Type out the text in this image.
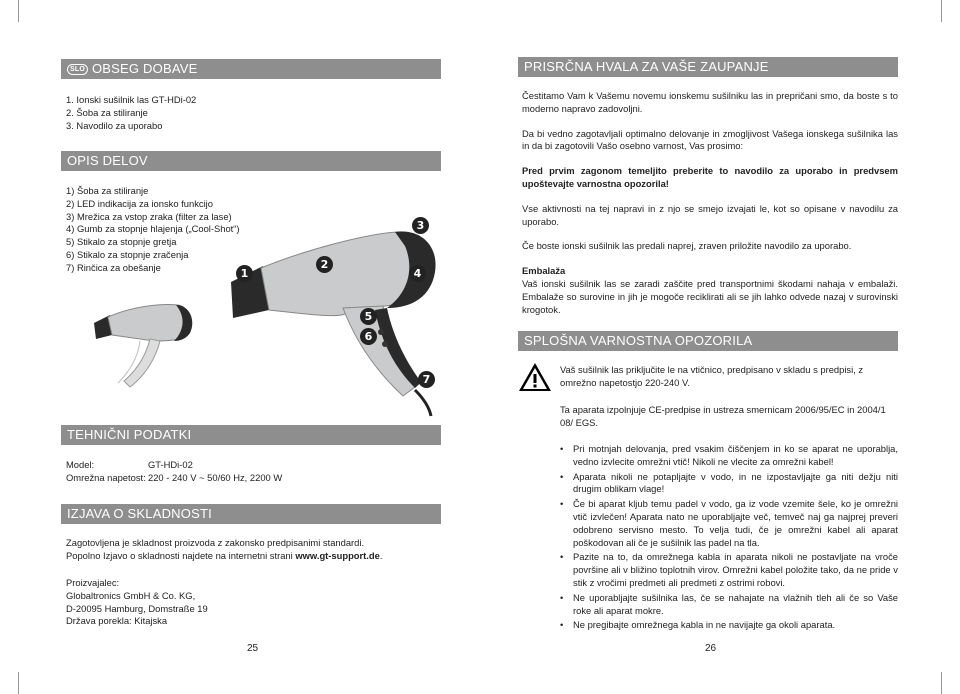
SLO OBSEG DOBAVE
1. Ionski sušilnik las GT-HDi-02
2. Šoba za stiliranje
3. Navodilo za uporabo
OPIS DELOV
1) Šoba za stiliranje
2) LED indikacija za ionsko funkcijo
3) Mrežica za vstop zraka (filter za lase)
4) Gumb za stopnje hlajenja („Cool-Shot“)
5) Stikalo za stopnje gretja
6) Stikalo za stopnje zračenja
7) Rinčica za obešanje	1
2
3
4
5
6
7
TEHNIČNI PODATKI
Model:	GT-HDi-02
Omrežna napetost: 220 - 240 V ~ 50/60 Hz, 2200 W
IZJAVA O SKLADNOSTI
Zagotovljena je skladnost proizvoda z zakonsko predpisanimi standardi.
Popolno Izjavo o skladnosti najdete na internetni strani www.gt-support.de.
Proizvajalec:
Globaltronics GmbH & Co. KG,
D-20095 Hamburg, Domstraße 19
Država porekla: Kitajska
25
PRISRČNA HVALA ZA VAŠE ZAUPANJE
Čestitamo Vam k Vašemu novemu ionskemu sušilniku las in prepričani smo, da boste s to moderno napravo zadovoljni.
Da bi vedno zagotavljali optimalno delovanje in zmogljivost Vašega ionskega sušilnika las in da bi zagotovili Vašo osebno varnost, Vas prosimo:
Pred prvim zagonom temeljito preberite to navodilo za uporabo in predvsem upoštevajte varnostna opozorila!
Vse aktivnosti na tej napravi in z njo se smejo izvajati le, kot so opisane v navodilu za uporabo.
Če boste ionski sušilnik las predali naprej, zraven priložite navodilo za uporabo.
Embalaža
Vaš ionski sušilnik las se zaradi zaščite pred transportnimi škodami nahaja v embalaži. Embalaže so surovine in jih je mogoče reciklirati ali se jih lahko odvede nazaj v surovinski krogotok.
SPLOŠNA VARNOSTNA OPOZORILA
Vaš sušilnik las priključite le na vtičnico, predpisano v skladu s predpisi, z omrežno napetostjo 220-240 V.
Ta aparata izpolnjuje CE-predpise in ustreza smernicam 2006/95/EC in 2004/1 08/ EGS.
• Pri motnjah delovanja, pred vsakim čiščenjem in ko se aparat ne uporablja, vedno izvlecite omrežni vtič! Nikoli ne vlecite za omrežni kabel!
• Aparata nikoli ne potapljajte v vodo, in ne izpostavljajte ga niti dežju niti drugim oblikam vlage!
• Če bi aparat kljub temu padel v vodo, ga iz vode vzemite šele, ko je omrežni vtič izvlečen! Aparata nato ne uporabljajte več, temveč naj ga najprej preveri odobreno servisno mesto. To velja tudi, če je omrežni kabel ali aparat poškodovan ali če je sušilnik las padel na tla.
• Pazite na to, da omrežnega kabla in aparata nikoli ne postavljate na vroče površine ali v bližino toplotnih virov. Omrežni kabel položite tako, da ne pride v stik z vročimi predmeti ali predmeti z ostrimi robovi.
• Ne uporabljajte sušilnika las, če se nahajate na vlažnih tleh ali če so Vaše roke ali aparat mokre.
• Ne pregibajte omrežnega kabla in ne navijajte ga okoli aparata.
26
